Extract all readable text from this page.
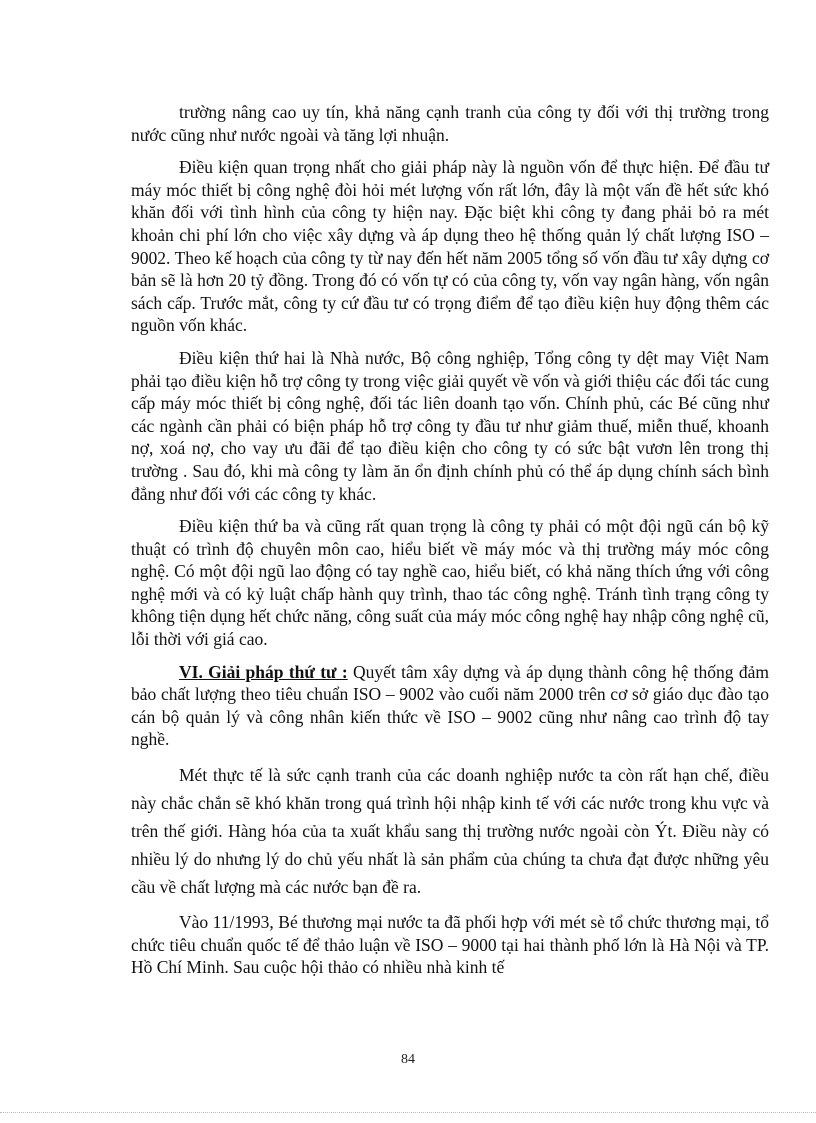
trường nâng cao uy tín, khả năng cạnh tranh của công ty đối với thị trường trong nước cũng như nước ngoài và tăng lợi nhuận.

Điều kiện quan trọng nhất cho giải pháp này là nguồn vốn để thực hiện. Để đầu tư máy móc thiết bị công nghệ đòi hỏi mét lượng vốn rất lớn, đây là một vấn đề hết sức khó khăn đối với tình hình của công ty hiện nay. Đặc biệt khi công ty đang phải bỏ ra mét khoản chi phí lớn cho việc xây dựng và áp dụng theo hệ thống quản lý chất lượng ISO – 9002. Theo kế hoạch của công ty từ nay đến hết năm 2005 tổng số vốn đầu tư xây dựng cơ bản sẽ là hơn 20 tỷ đồng. Trong đó có vốn tự có của công ty, vốn vay ngân hàng, vốn ngân sách cấp. Trước mắt, công ty cứ đầu tư có trọng điểm để tạo điều kiện huy động thêm các nguồn vốn khác.

Điều kiện thứ hai là Nhà nước, Bộ công nghiệp, Tổng công ty dệt may Việt Nam phải tạo điều kiện hỗ trợ công ty trong việc giải quyết về vốn và giới thiệu các đối tác cung cấp máy móc thiết bị công nghệ, đối tác liên doanh tạo vốn. Chính phủ, các Bé cũng như các ngành cần phải có biện pháp hỗ trợ công ty đầu tư như giảm thuế, miễn thuế, khoanh nợ, xoá nợ, cho vay ưu đãi để tạo điều kiện cho công ty có sức bật vươn lên trong thị trường . Sau đó, khi mà công ty làm ăn ổn định chính phủ có thể áp dụng chính sách bình đẳng như đối với các công ty khác.

Điều kiện thứ ba và cũng rất quan trọng là công ty phải có một đội ngũ cán bộ kỹ thuật có trình độ chuyên môn cao, hiểu biết về máy móc và thị trường máy móc công nghệ. Có một đội ngũ lao động có tay nghề cao, hiểu biết, có khả năng thích ứng với công nghệ mới và có kỷ luật chấp hành quy trình, thao tác công nghệ. Tránh tình trạng công ty không tiện dụng hết chức năng, công suất của máy móc công nghệ hay nhập công nghệ cũ, lỗi thời với giá cao.

VI. Giải pháp thứ tư : Quyết tâm xây dựng và áp dụng thành công hệ thống đảm bảo chất lượng theo tiêu chuẩn ISO – 9002 vào cuối năm 2000 trên cơ sở giáo dục đào tạo cán bộ quản lý và công nhân kiến thức về ISO – 9002 cũng như nâng cao trình độ tay nghề.

Mét thực tế là sức cạnh tranh của các doanh nghiệp nước ta còn rất hạn chế, điều này chắc chắn sẽ khó khăn trong quá trình hội nhập kinh tế với các nước trong khu vực và trên thế giới. Hàng hóa của ta xuất khẩu sang thị trường nước ngoài còn Ýt. Điều này có nhiều lý do nhưng lý do chủ yếu nhất là sản phẩm của chúng ta chưa đạt được những yêu cầu về chất lượng mà các nước bạn đề ra.

Vào 11/1993, Bé thương mại nước ta đã phối hợp với mét sè tổ chức thương mại, tổ chức tiêu chuẩn quốc tế để thảo luận về ISO – 9000 tại hai thành phố lớn là Hà Nội và TP. Hồ Chí Minh. Sau cuộc hội thảo có nhiều nhà kinh tế

84
